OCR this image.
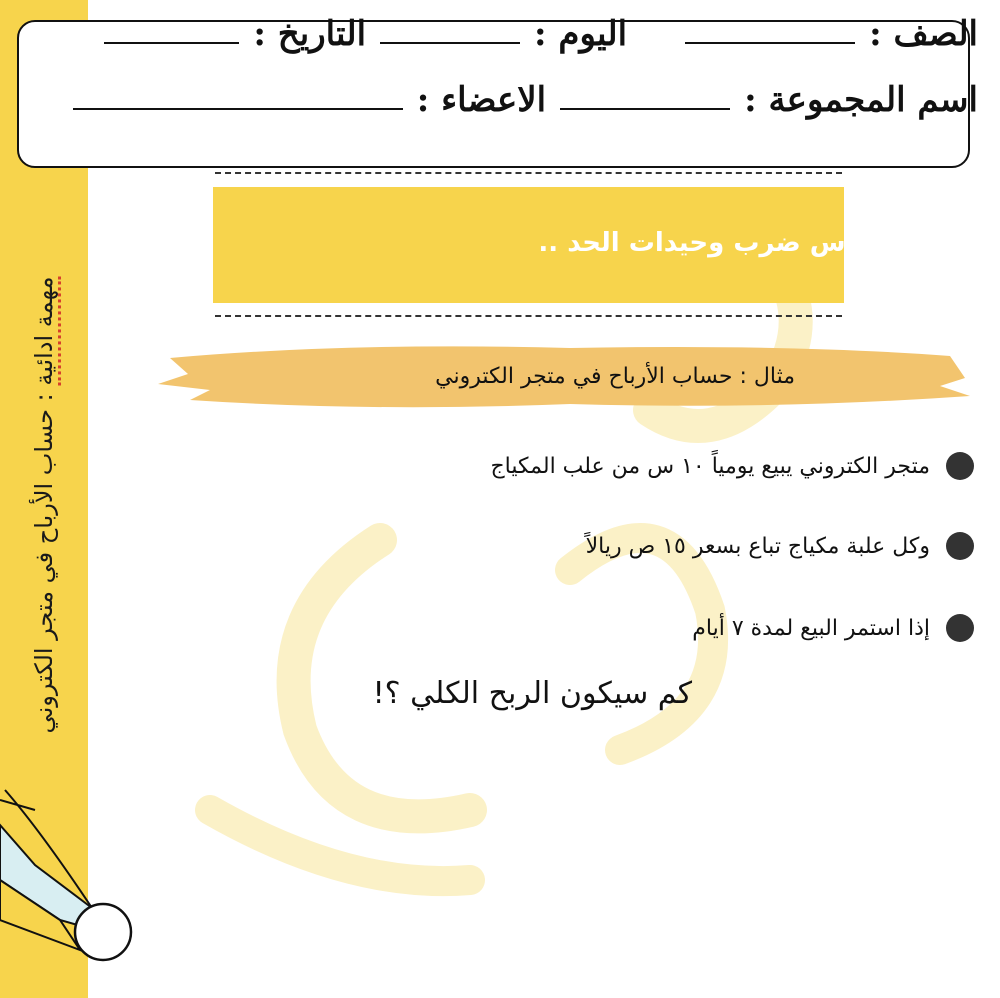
مهمة ادائية : حساب الأرباح في متجر الكتروني
الصف :
اليوم :
التاريخ :
اسم المجموعة :
الاعضاء :
درس ضرب وحيدات الحد ..
مثال : حساب الأرباح في متجر الكتروني
متجر الكتروني يبيع يومياً ١٠ س من علب المكياج
وكل علبة مكياج تباع بسعر ١٥ ص ريالاً
إذا استمر البيع لمدة ٧ أيام
كم سيكون الربح الكلي ؟!
